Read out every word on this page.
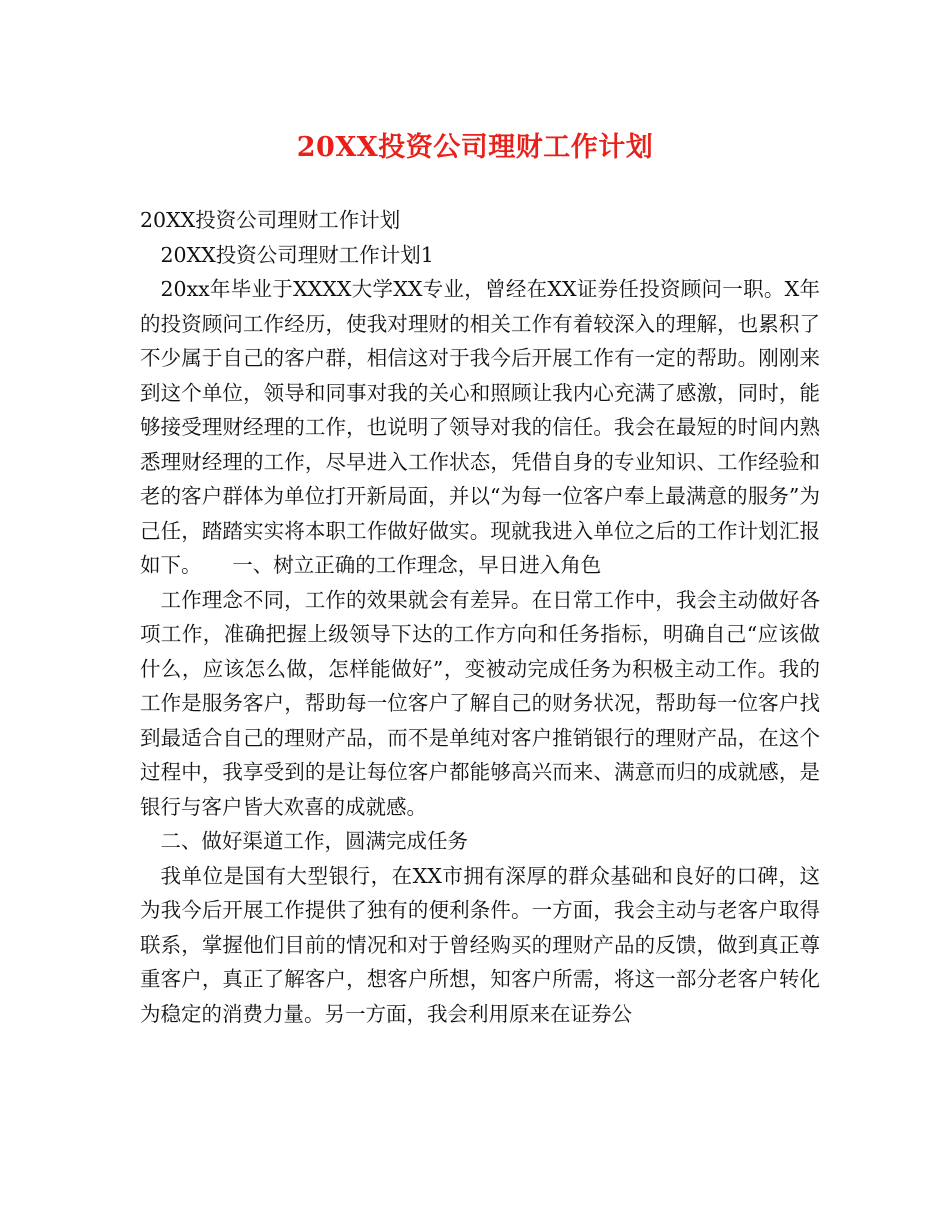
20XX投资公司理财工作计划

20XX投资公司理财工作计划

20XX投资公司理财工作计划1

20xx年毕业于XXXX大学XX专业，曾经在XX证券任投资顾问一职。X年的投资顾问工作经历，使我对理财的相关工作有着较深入的理解，也累积了不少属于自己的客户群，相信这对于我今后开展工作有一定的帮助。刚刚来到这个单位，领导和同事对我的关心和照顾让我内心充满了感激，同时，能够接受理财经理的工作，也说明了领导对我的信任。我会在最短的时间内熟悉理财经理的工作，尽早进入工作状态，凭借自身的专业知识、工作经验和老的客户群体为单位打开新局面，并以“为每一位客户奉上最满意的服务”为己任，踏踏实实将本职工作做好做实。现就我进入单位之后的工作计划汇报如下。　　一、树立正确的工作理念，早日进入角色

工作理念不同，工作的效果就会有差异。在日常工作中，我会主动做好各项工作，准确把握上级领导下达的工作方向和任务指标，明确自己“应该做什么，应该怎么做，怎样能做好”，变被动完成任务为积极主动工作。我的工作是服务客户，帮助每一位客户了解自己的财务状况，帮助每一位客户找到最适合自己的理财产品，而不是单纯对客户推销银行的理财产品，在这个过程中，我享受到的是让每位客户都能够高兴而来、满意而归的成就感，是银行与客户皆大欢喜的成就感。

二、做好渠道工作，圆满完成任务

我单位是国有大型银行，在XX市拥有深厚的群众基础和良好的口碑，这为我今后开展工作提供了独有的便利条件。一方面，我会主动与老客户取得联系，掌握他们目前的情况和对于曾经购买的理财产品的反馈，做到真正尊重客户，真正了解客户，想客户所想，知客户所需，将这一部分老客户转化为稳定的消费力量。另一方面，我会利用原来在证券公
